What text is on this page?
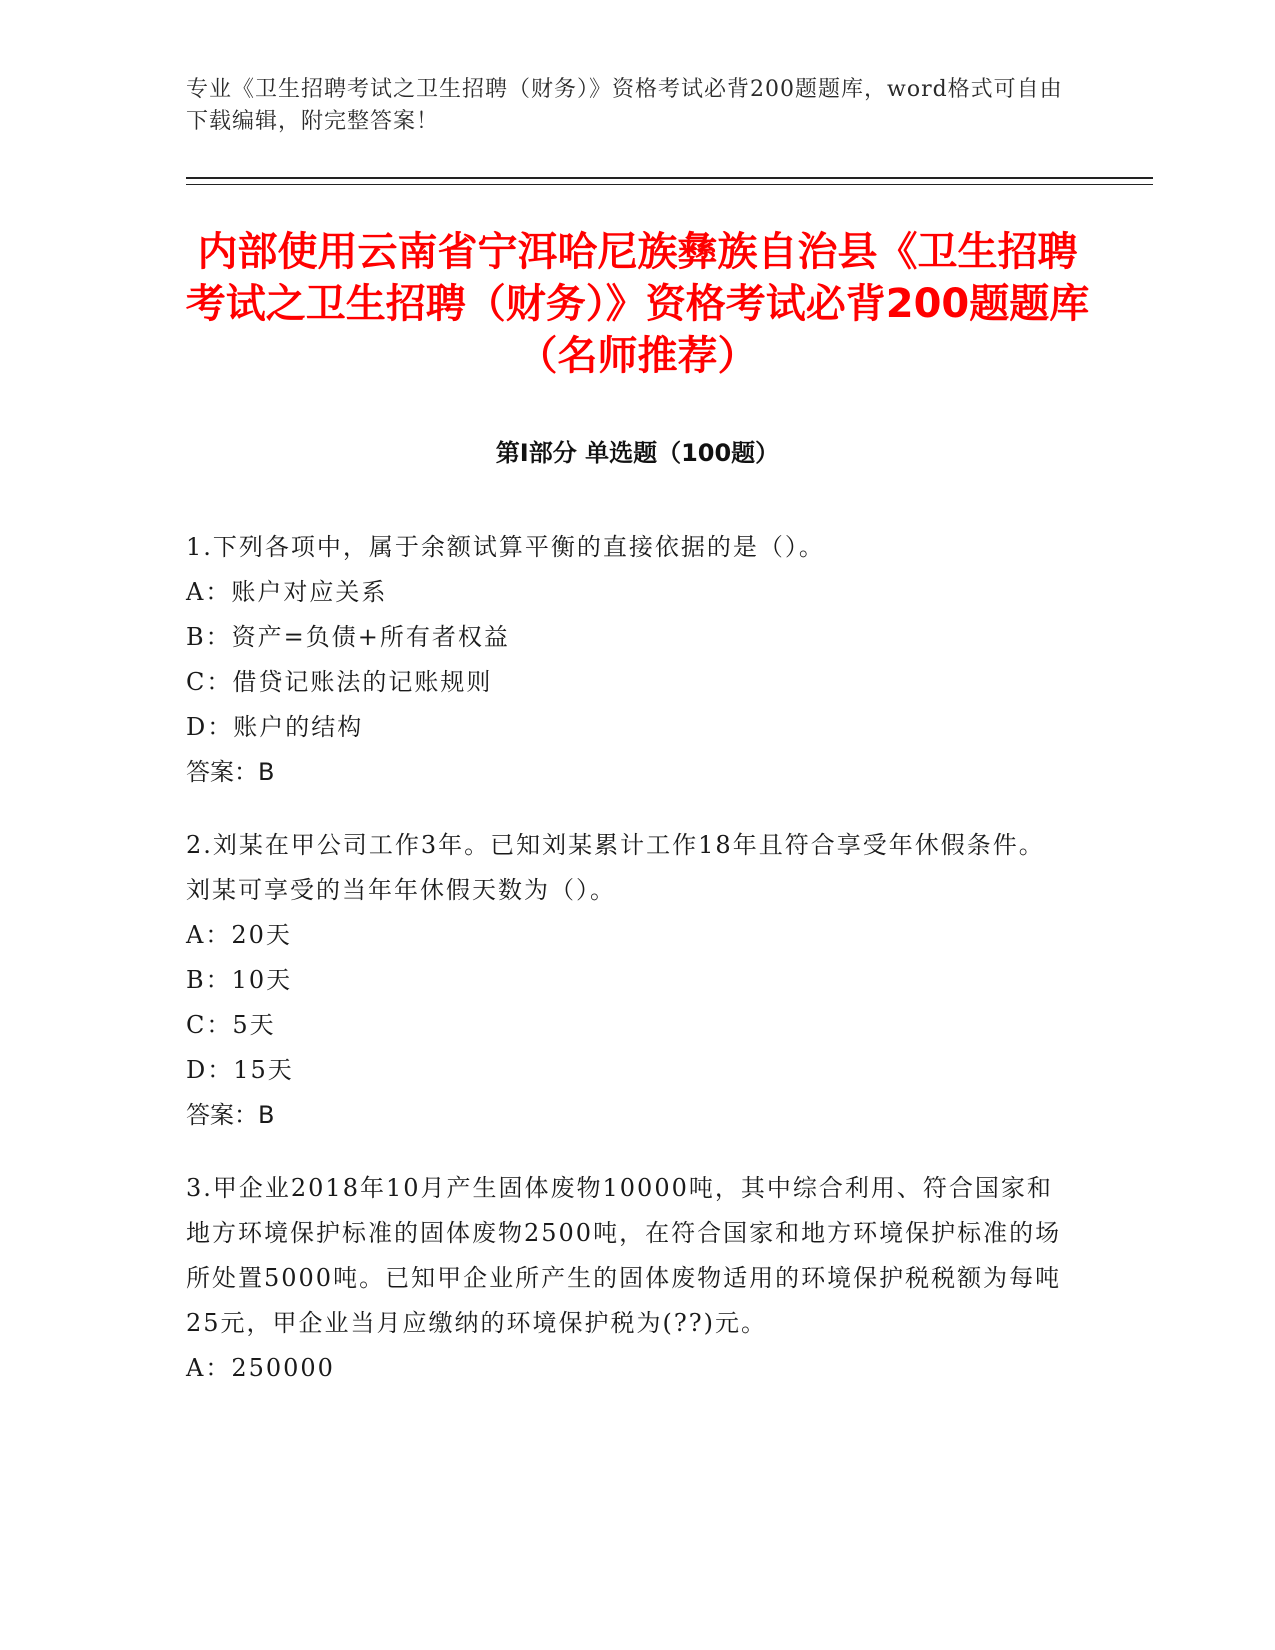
专业《卫生招聘考试之卫生招聘（财务）》资格考试必背200题题库，word格式可自由下载编辑，附完整答案！
内部使用云南省宁洱哈尼族彝族自治县《卫生招聘考试之卫生招聘（财务）》资格考试必背200题题库（名师推荐）
第Ⅰ部分 单选题（100题）

1.下列各项中，属于余额试算平衡的直接依据的是（）。

A：账户对应关系

B：资产=负债+所有者权益

C：借贷记账法的记账规则

D：账户的结构

答案：B

2.刘某在甲公司工作3年。已知刘某累计工作18年且符合享受年休假条件。刘某可享受的当年年休假天数为（）。

A：20天

B：10天

C：5天

D：15天

答案：B

3.甲企业2018年10月产生固体废物10000吨，其中综合利用、符合国家和地方环境保护标准的固体废物2500吨，在符合国家和地方环境保护标准的场所处置5000吨。已知甲企业所产生的固体废物适用的环境保护税税额为每吨25元，甲企业当月应缴纳的环境保护税为(??)元。

A：250000
